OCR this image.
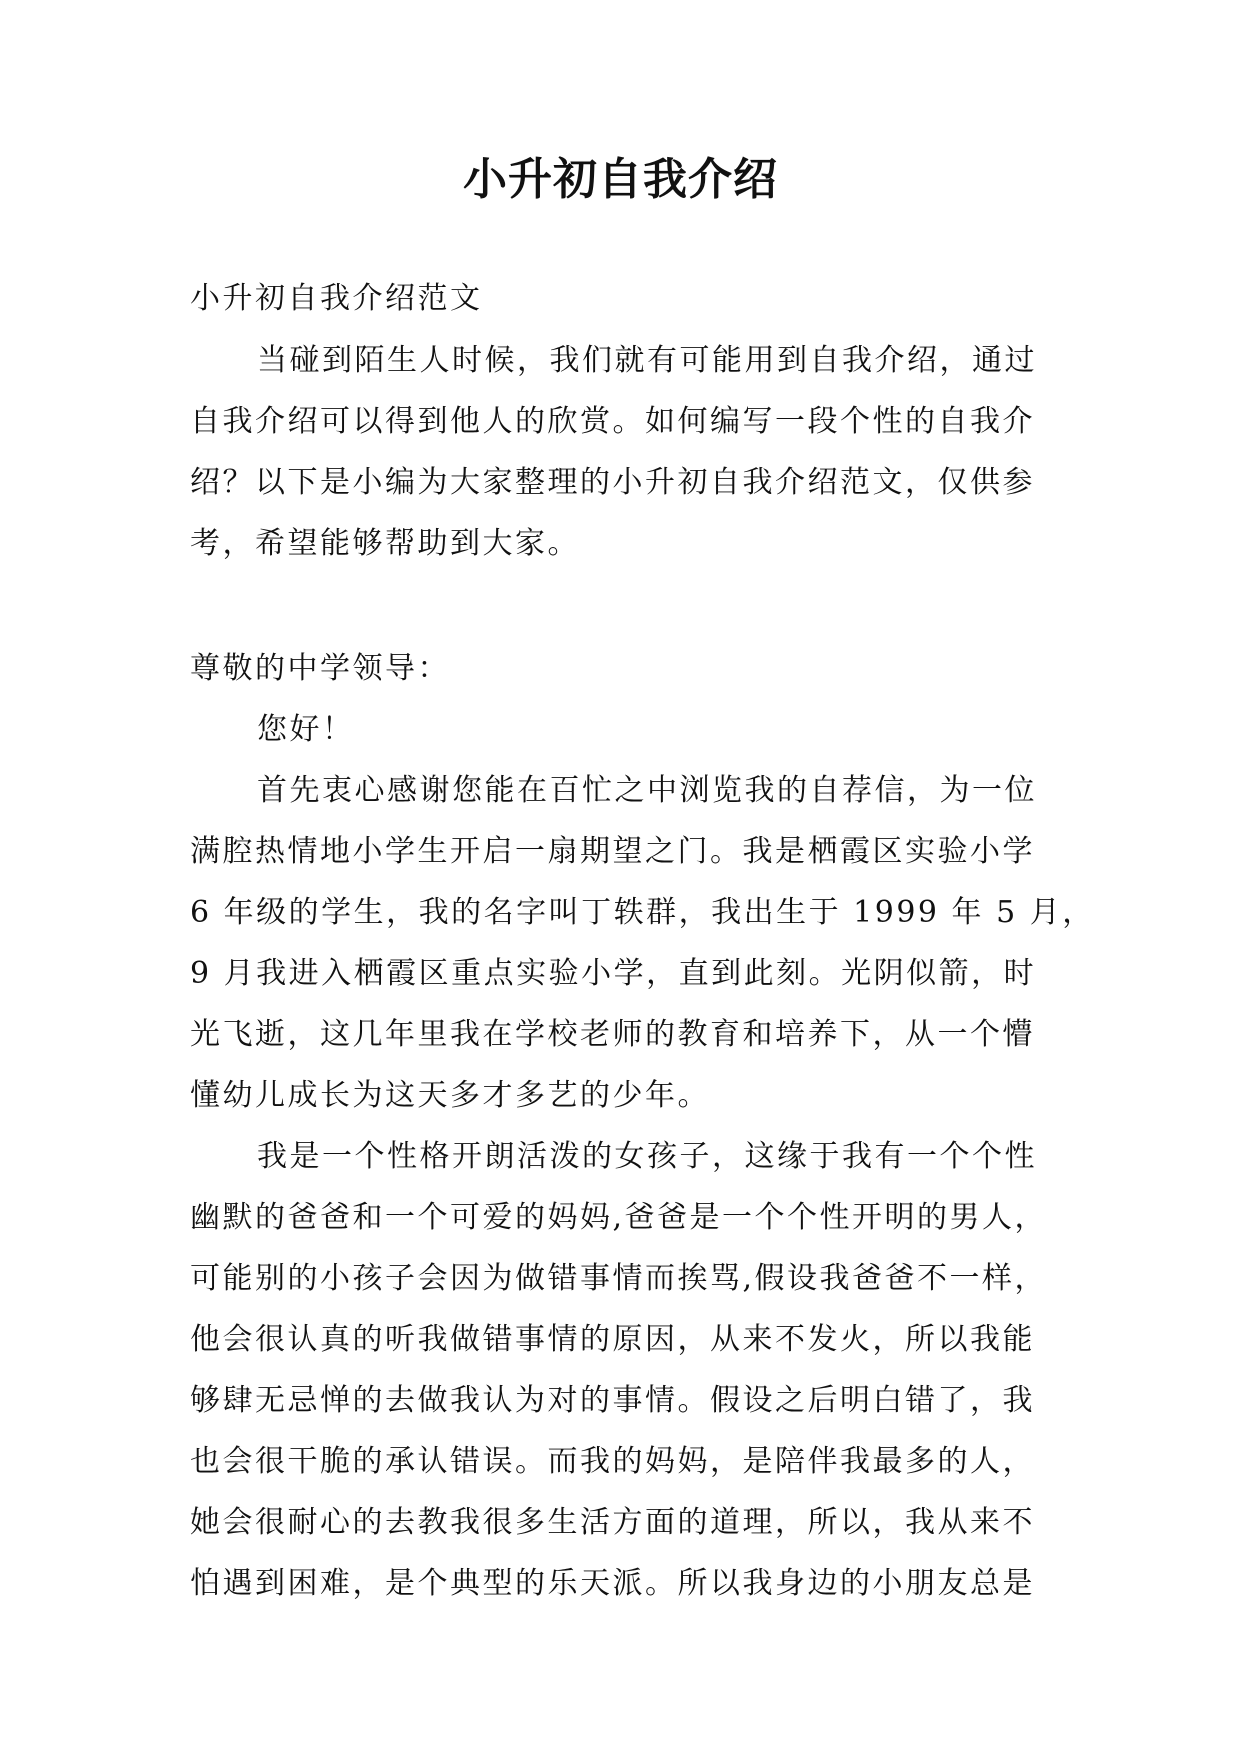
小升初自我介绍
小升初自我介绍范文
当碰到陌生人时候，我们就有可能用到自我介绍，通过
自我介绍可以得到他人的欣赏。如何编写一段个性的自我介
绍？以下是小编为大家整理的小升初自我介绍范文，仅供参
考，希望能够帮助到大家。
尊敬的中学领导：
您好！
首先衷心感谢您能在百忙之中浏览我的自荐信，为一位
满腔热情地小学生开启一扇期望之门。我是栖霞区实验小学
6 年级的学生，我的名字叫丁轶群，我出生于 1999 年 5 月，
9 月我进入栖霞区重点实验小学，直到此刻。光阴似箭，时
光飞逝，这几年里我在学校老师的教育和培养下，从一个懵
懂幼儿成长为这天多才多艺的少年。
我是一个性格开朗活泼的女孩子，这缘于我有一个个性
幽默的爸爸和一个可爱的妈妈,爸爸是一个个性开明的男人，
可能别的小孩子会因为做错事情而挨骂,假设我爸爸不一样，
他会很认真的听我做错事情的原因，从来不发火，所以我能
够肆无忌惮的去做我认为对的事情。假设之后明白错了，我
也会很干脆的承认错误。而我的妈妈，是陪伴我最多的人，
她会很耐心的去教我很多生活方面的道理，所以，我从来不
怕遇到困难，是个典型的乐天派。所以我身边的小朋友总是
